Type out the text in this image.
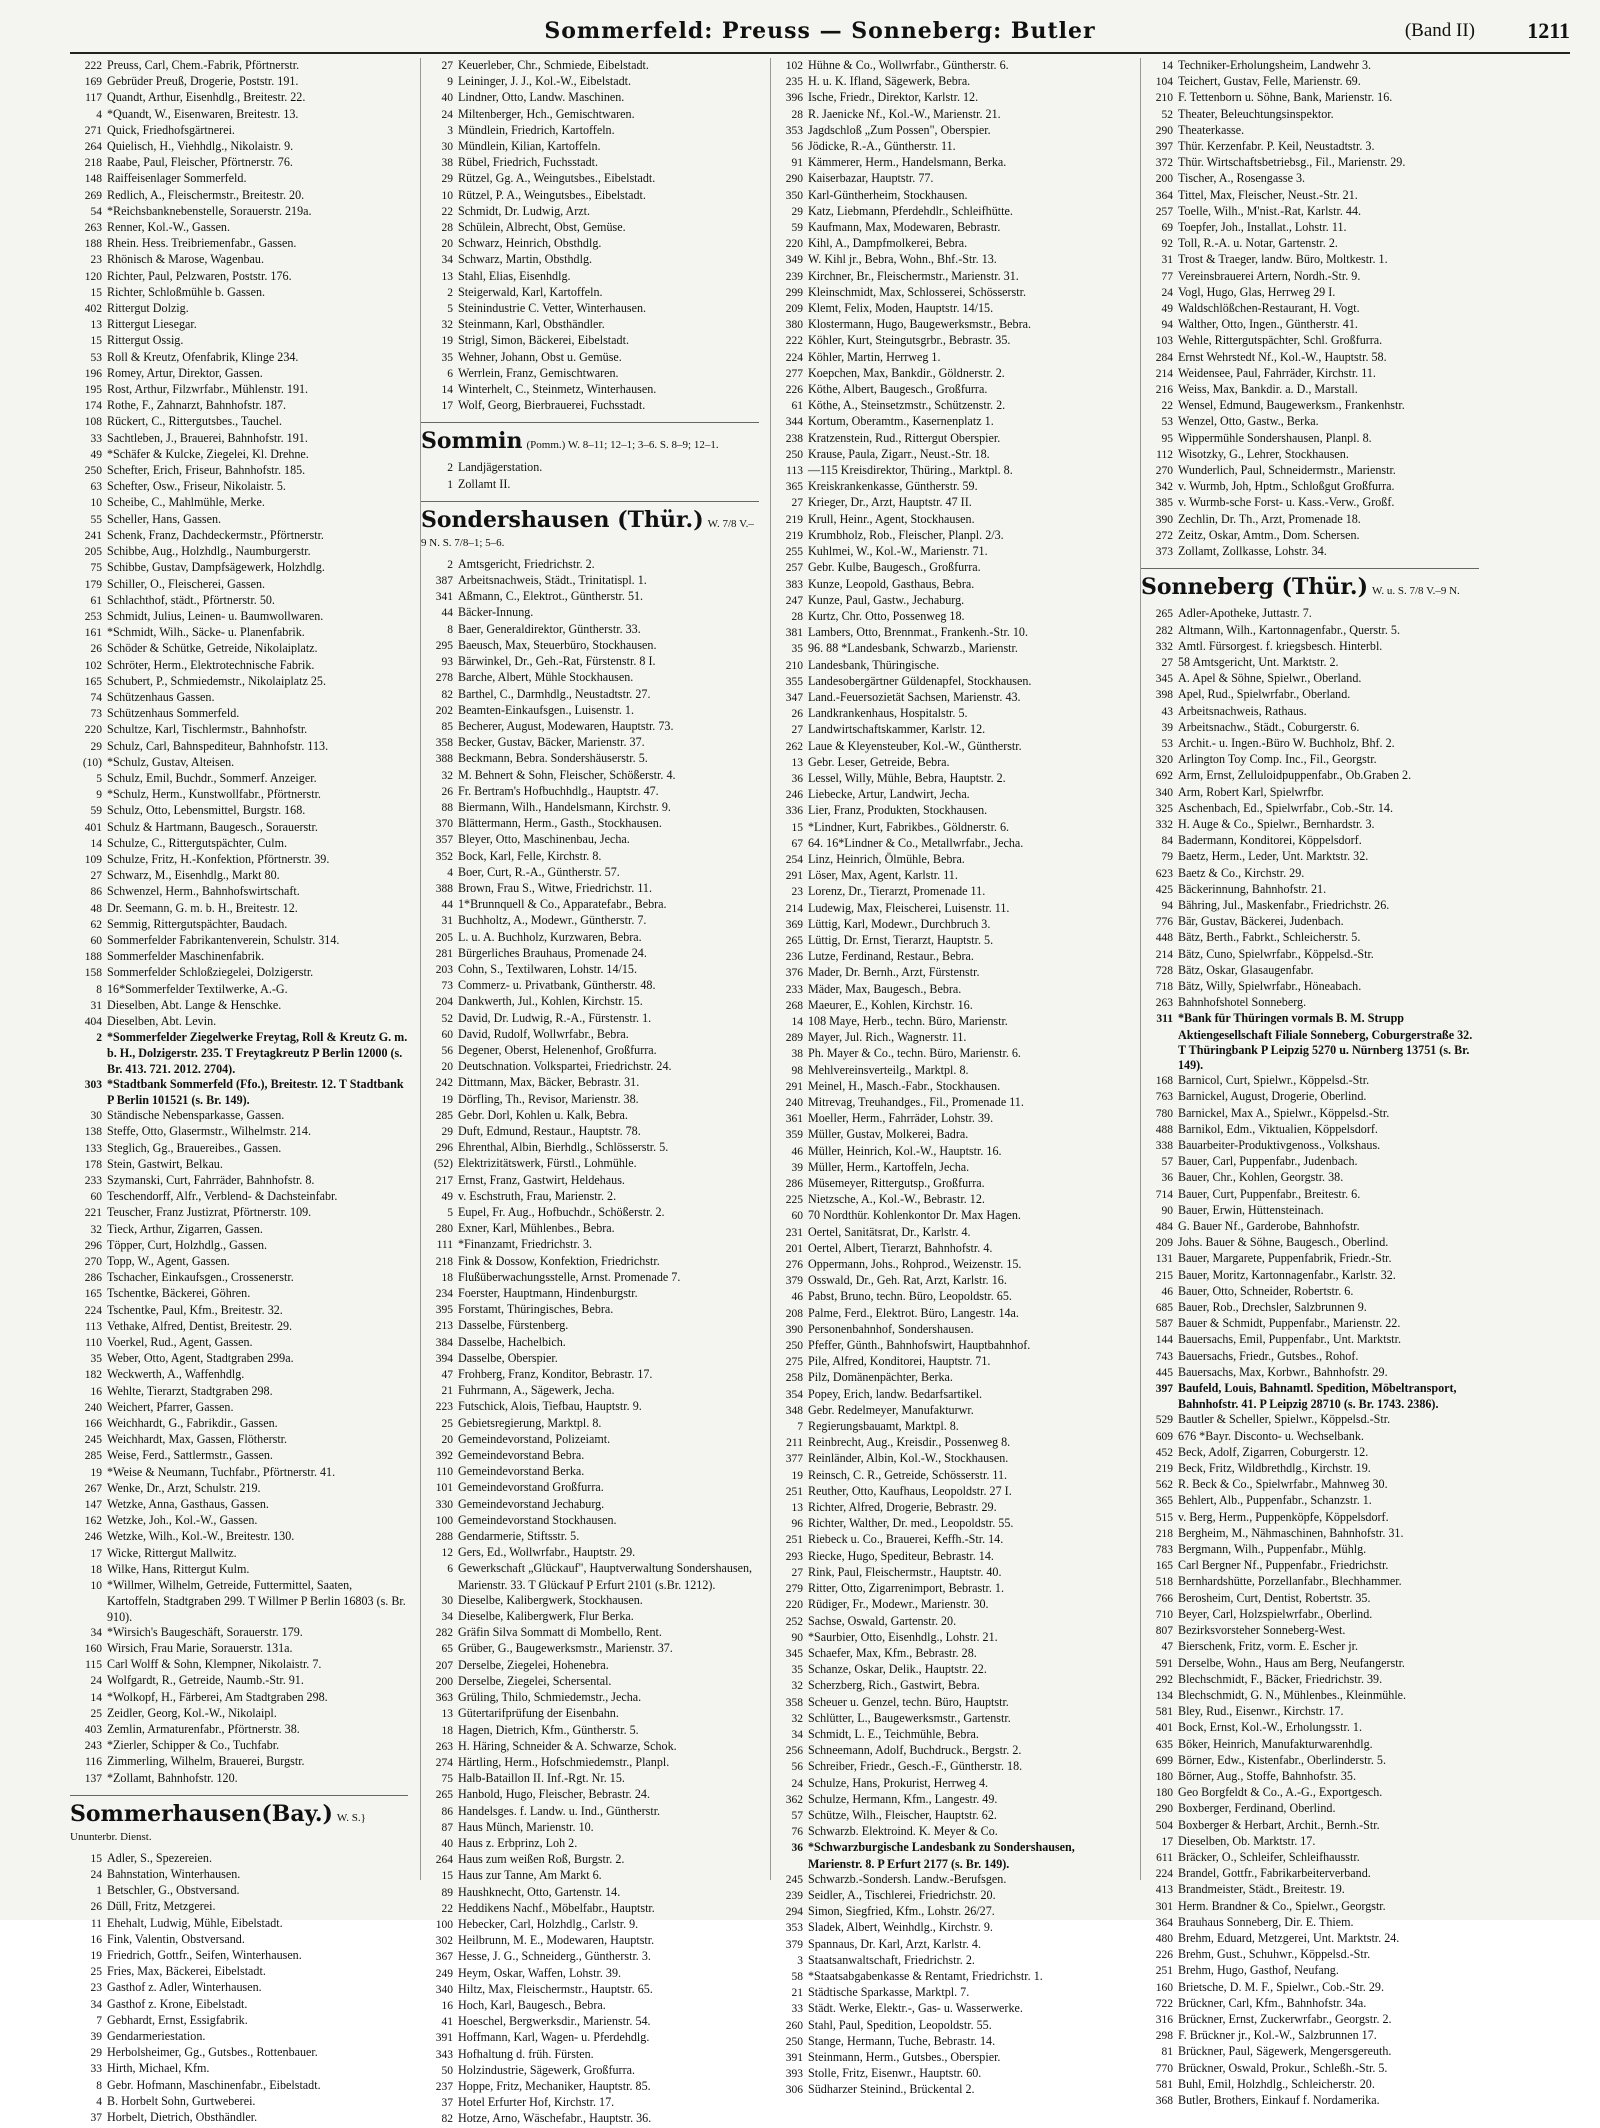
Sommerfeld: Preuss — Sonneberg: Butler	(Band II) 1211
222 Preuss, Carl, Chem.-Fabrik, Pförtnerstr.
169 Gebrüder Preuß, Drogerie, Poststr. 191.
117 Quandt, Arthur, Eisenhdlg., Breitestr. 22.
4 *Quandt, W., Eisenwaren, Breitestr. 13.
271 Quick, Friedhofsgärtnerei.
264 Quielisch, H., Viehhdlg., Nikolaistr. 9.
218 Raabe, Paul, Fleischer, Pförtnerstr. 76.
148 Raiffeisenlager Sommerfeld.
269 Redlich, A., Fleischermstr., Breitestr. 20.
54 *Reichsbanknebenstelle, Sorauerstr. 219a.
263 Renner, Kol.-W., Gassen.
188 Rhein. Hess. Treibriemenfabr., Gassen.
23 Rhönisch & Marose, Wagenbau.
120 Richter, Paul, Pelzwaren, Poststr. 176.
15 Richter, Schloßmühle b. Gassen.
402 Rittergut Dolzig.
13 Rittergut Liesegar.
15 Rittergut Ossig.
53 Roll & Kreutz, Ofenfabrik, Klinge 234.
196 Romey, Artur, Direktor, Gassen.
195 Rost, Arthur, Filzwrfabr., Mühlenstr. 191.
174 Rothe, F., Zahnarzt, Bahnhofstr. 187.
108 Rückert, C., Rittergutsbes., Tauchel.
33 Sachtleben, J., Brauerei, Bahnhofstr. 191.
49 *Schäfer & Kulcke, Ziegelei, Kl. Drehne.
250 Schefter, Erich, Friseur, Bahnhofstr. 185.
63 Schefter, Osw., Friseur, Nikolaistr. 5.
10 Scheibe, C., Mahlmühle, Merke.
55 Scheller, Hans, Gassen.
241 Schenk, Franz, Dachdeckermstr., Pförtnerstr.
205 Schibbe, Aug., Holzhdlg., Naumburgerstr.
75 Schibbe, Gustav, Dampfsägewerk, Holzhdlg.
179 Schiller, O., Fleischerei, Gassen.
61 Schlachthof, städt., Pförtnerstr. 50.
253 Schmidt, Julius, Leinen- u. Baumwollwaren.
161 *Schmidt, Wilh., Säcke- u. Planenfabrik.
26 Schöder & Schütke, Getreide, Nikolaiplatz.
102 Schröter, Herm., Elektrotechnische Fabrik.
165 Schubert, P., Schmiedemstr., Nikolaiplatz 25.
74 Schützenhaus Gassen.
73 Schützenhaus Sommerfeld.
220 Schultze, Karl, Tischlermstr., Bahnhofstr.
29 Schulz, Carl, Bahnspediteur, Bahnhofstr. 113.
(10) *Schulz, Gustav, Alteisen.
5 Schulz, Emil, Buchdr., Sommerf. Anzeiger.
9 *Schulz, Herm., Kunstwollfabr., Pförtnerstr.
59 Schulz, Otto, Lebensmittel, Burgstr. 168.
401 Schulz & Hartmann, Baugesch., Sorauerstr.
14 Schulze, C., Rittergutspächter, Culm.
109 Schulze, Fritz, H.-Konfektion, Pförtnerstr. 39.
27 Schwarz, M., Eisenhdlg., Markt 80.
86 Schwenzel, Herm., Bahnhofswirtschaft.
48 Dr. Seemann, G. m. b. H., Breitestr. 12.
62 Semmig, Rittergutspächter, Baudach.
60 Sommerfelder Fabrikantenverein, Schulstr. 314.
188 Sommerfelder Maschinenfabrik.
158 Sommerfelder Schloßziegelei, Dolzigerstr.
8 16*Sommerfelder Textilwerke, A.-G.
31 Dieselben, Abt. Lange & Henschke.
404 Dieselben, Abt. Levin.
2 *Sommerfelder Ziegelwerke Freytag, Roll & Kreutz G. m. b. H., Dolzigerstr. 235. T Freytagkreutz P Berlin 12000 (s. Br. 413. 721. 2012. 2704).
303 *Stadtbank Sommerfeld (Ffo.), Breitestr. 12. T Stadtbank P Berlin 101521 (s. Br. 149).
30 Ständische Nebensparkasse, Gassen.
138 Steffe, Otto, Glasermstr., Wilhelmstr. 214.
133 Steglich, Gg., Brauereibes., Gassen.
178 Stein, Gastwirt, Belkau.
233 Szymanski, Curt, Fahrräder, Bahnhofstr. 8.
60 Teschendorff, Alfr., Verblend- & Dachsteinfabr.
221 Teuscher, Franz Justizrat, Pförtnerstr. 109.
32 Tieck, Arthur, Zigarren, Gassen.
296 Töpper, Curt, Holzhdlg., Gassen.
270 Topp, W., Agent, Gassen.
286 Tschacher, Einkaufsgen., Crossenerstr.
165 Tschentke, Bäckerei, Göhren.
224 Tschentke, Paul, Kfm., Breitestr. 32.
113 Vethake, Alfred, Dentist, Breitestr. 29.
110 Voerkel, Rud., Agent, Gassen.
35 Weber, Otto, Agent, Stadtgraben 299a.
182 Weckwerth, A., Waffenhdlg.
16 Wehlte, Tierarzt, Stadtgraben 298.
240 Weichert, Pfarrer, Gassen.
166 Weichhardt, G., Fabrikdir., Gassen.
245 Weichhardt, Max, Gassen, Flötherstr.
285 Weise, Ferd., Sattlermstr., Gassen.
19 *Weise & Neumann, Tuchfabr., Pförtnerstr. 41.
267 Wenke, Dr., Arzt, Schulstr. 219.
147 Wetzke, Anna, Gasthaus, Gassen.
162 Wetzke, Joh., Kol.-W., Gassen.
246 Wetzke, Wilh., Kol.-W., Breitestr. 130.
17 Wicke, Rittergut Mallwitz.
18 Wilke, Hans, Rittergut Kulm.
10 *Willmer, Wilhelm, Getreide, Futtermittel, Saaten, Kartoffeln, Stadtgraben 299. T Willmer P Berlin 16803 (s. Br. 910).
34 *Wirsich's Baugeschäft, Sorauerstr. 179.
160 Wirsich, Frau Marie, Sorauerstr. 131a.
115 Carl Wolff & Sohn, Klempner, Nikolaistr. 7.
24 Wolfgardt, R., Getreide, Naumb.-Str. 91.
14 *Wolkopf, H., Färberei, Am Stadtgraben 298.
25 Zeidler, Georg, Kol.-W., Nikolaipl.
403 Zemlin, Armaturenfabr., Pförtnerstr. 38.
243 *Zierler, Schipper & Co., Tuchfabr.
116 Zimmerling, Wilhelm, Brauerei, Burgstr.
137 *Zollamt, Bahnhofstr. 120.
Sommerhausen(Bay.) W. S.} Ununterbr. Dienst.
15 Adler, S., Spezereien.
24 Bahnstation, Winterhausen.
1 Betschler, G., Obstversand.
26 Düll, Fritz, Metzgerei.
11 Ehehalt, Ludwig, Mühle, Eibelstadt.
16 Fink, Valentin, Obstversand.
19 Friedrich, Gottfr., Seifen, Winterhausen.
25 Fries, Max, Bäckerei, Eibelstadt.
23 Gasthof z. Adler, Winterhausen.
34 Gasthof z. Krone, Eibelstadt.
7 Gebhardt, Ernst, Essigfabrik.
39 Gendarmeriestation.
29 Herbolsheimer, Gg., Gutsbes., Rottenbauer.
33 Hirth, Michael, Kfm.
8 Gebr. Hofmann, Maschinenfabr., Eibelstadt.
4 B. Horbelt Sohn, Gurtweberei.
37 Horbelt, Dietrich, Obsthändler.
27 Keuerleber, Chr., Schmiede, Eibelstadt.
9 Leininger, J. J., Kol.-W., Eibelstadt.
40 Lindner, Otto, Landw. Maschinen.
24 Miltenberger, Hch., Gemischtwaren.
3 Mündlein, Friedrich, Kartoffeln.
30 Mündlein, Kilian, Kartoffeln.
38 Rübel, Friedrich, Fuchsstadt.
29 Rützel, Gg. A., Weingutsbes., Eibelstadt.
10 Rützel, P. A., Weingutsbes., Eibelstadt.
22 Schmidt, Dr. Ludwig, Arzt.
28 Schülein, Albrecht, Obst, Gemüse.
20 Schwarz, Heinrich, Obsthdlg.
34 Schwarz, Martin, Obsthdlg.
13 Stahl, Elias, Eisenhdlg.
2 Steigerwald, Karl, Kartoffeln.
5 Steinindustrie C. Vetter, Winterhausen.
32 Steinmann, Karl, Obsthändler.
19 Strigl, Simon, Bäckerei, Eibelstadt.
35 Wehner, Johann, Obst u. Gemüse.
6 Werrlein, Franz, Gemischtwaren.
14 Winterhelt, C., Steinmetz, Winterhausen.
17 Wolf, Georg, Bierbrauerei, Fuchsstadt.
Sommin (Pomm.) W. 8–11; 12–1; 3–6. S. 8–9; 12–1.
2 Landjägerstation.
1 Zollamt II.
Sondershausen (Thür.) W. 7/8 V.–9 N. S. 7/8–1; 5–6.
2 Amtsgericht, Friedrichstr. 2.
387 Arbeitsnachweis, Städt., Trinitatispl. 1.
341 Aßmann, C., Elektrot., Güntherstr. 51.
44 Bäcker-Innung.
8 Baer, Generaldirektor, Güntherstr. 33.
295 Baeusch, Max, Steuerbüro, Stockhausen.
93 Bärwinkel, Dr., Geh.-Rat, Fürstenstr. 8 I.
278 Barche, Albert, Mühle Stockhausen.
82 Barthel, C., Darmhdlg., Neustadtstr. 27.
202 Beamten-Einkaufsgen., Luisenstr. 1.
85 Becherer, August, Modewaren, Hauptstr. 73.
358 Becker, Gustav, Bäcker, Marienstr. 37.
388 Beckmann, Bebra. Sondershäuserstr. 5.
32 M. Behnert & Sohn, Fleischer, Schößerstr. 4.
26 Fr. Bertram's Hofbuchhdlg., Hauptstr. 47.
88 Biermann, Wilh., Handelsmann, Kirchstr. 9.
370 Blättermann, Herm., Gasth., Stockhausen.
357 Bleyer, Otto, Maschinenbau, Jecha.
352 Bock, Karl, Felle, Kirchstr. 8.
4 Boer, Curt, R.-A., Güntherstr. 57.
388 Brown, Frau S., Witwe, Friedrichstr. 11.
44 1*Brunnquell & Co., Apparatefabr., Bebra.
31 Buchholtz, A., Modewr., Güntherstr. 7.
205 L. u. A. Buchholz, Kurzwaren, Bebra.
281 Bürgerliches Brauhaus, Promenade 24.
203 Cohn, S., Textilwaren, Lohstr. 14/15.
73 Commerz- u. Privatbank, Güntherstr. 48.
204 Dankwerth, Jul., Kohlen, Kirchstr. 15.
52 David, Dr. Ludwig, R.-A., Fürstenstr. 1.
60 David, Rudolf, Wollwrfabr., Bebra.
56 Degener, Oberst, Helenenhof, Großfurra.
20 Deutschnation. Volkspartei, Friedrichstr. 24.
242 Dittmann, Max, Bäcker, Bebrastr. 31.
19 Dörfling, Th., Revisor, Marienstr. 38.
285 Gebr. Dorl, Kohlen u. Kalk, Bebra.
29 Duft, Edmund, Restaur., Hauptstr. 78.
296 Ehrenthal, Albin, Bierhdlg., Schlösserstr. 5.
(52) Elektrizitätswerk, Fürstl., Lohmühle.
217 Ernst, Franz, Gastwirt, Heldehaus.
49 v. Eschstruth, Frau, Marienstr. 2.
5 Eupel, Fr. Aug., Hofbuchdr., Schößerstr. 2.
280 Exner, Karl, Mühlenbes., Bebra.
111 *Finanzamt, Friedrichstr. 3.
218 Fink & Dossow, Konfektion, Friedrichstr.
18 Flußüberwachungsstelle, Arnst. Promenade 7.
234 Foerster, Hauptmann, Hindenburgstr.
395 Forstamt, Thüringisches, Bebra.
213 Dasselbe, Fürstenberg.
384 Dasselbe, Hachelbich.
394 Dasselbe, Oberspier.
47 Frohberg, Franz, Konditor, Bebrastr. 17.
21 Fuhrmann, A., Sägewerk, Jecha.
223 Futschick, Alois, Tiefbau, Hauptstr. 9.
25 Gebietsregierung, Marktpl. 8.
20 Gemeindevorstand, Polizeiamt.
392 Gemeindevorstand Bebra.
110 Gemeindevorstand Berka.
101 Gemeindevorstand Großfurra.
330 Gemeindevorstand Jechaburg.
100 Gemeindevorstand Stockhausen.
288 Gendarmerie, Stiftsstr. 5.
12 Gers, Ed., Wollwrfabr., Hauptstr. 29.
6 Gewerkschaft „Glückauf", Hauptverwaltung Sondershausen, Marienstr. 33. T Glückauf P Erfurt 2101 (s.Br. 1212).
30 Dieselbe, Kalibergwerk, Stockhausen.
34 Dieselbe, Kalibergwerk, Flur Berka.
282 Gräfin Silva Sommatt di Mombello, Rent.
65 Grüber, G., Baugewerksmstr., Marienstr. 37.
207 Derselbe, Ziegelei, Hohenebra.
200 Derselbe, Ziegelei, Schersental.
363 Grüling, Thilo, Schmiedemstr., Jecha.
13 Gütertarifprüfung der Eisenbahn.
18 Hagen, Dietrich, Kfm., Güntherstr. 5.
263 H. Häring, Schneider & A. Schwarze, Schok.
274 Härtling, Herm., Hofschmiedemstr., Planpl.
75 Halb-Bataillon II. Inf.-Rgt. Nr. 15.
265 Hanbold, Hugo, Fleischer, Bebrastr. 24.
86 Handelsges. f. Landw. u. Ind., Güntherstr.
87 Haus Münch, Marienstr. 10.
40 Haus z. Erbprinz, Loh 2.
264 Haus zum weißen Roß, Burgstr. 2.
15 Haus zur Tanne, Am Markt 6.
89 Haushknecht, Otto, Gartenstr. 14.
22 Heddikens Nachf., Möbelfabr., Hauptstr.
100 Hebecker, Carl, Holzhdlg., Carlstr. 9.
302 Heilbrunn, M. E., Modewaren, Hauptstr.
367 Hesse, J. G., Schneiderg., Güntherstr. 3.
249 Heym, Oskar, Waffen, Lohstr. 39.
340 Hiltz, Max, Fleischermstr., Hauptstr. 65.
16 Hoch, Karl, Baugesch., Bebra.
41 Hoeschel, Bergwerksdir., Marienstr. 54.
391 Hoffmann, Karl, Wagen- u. Pferdehdlg.
343 Hofhaltung d. früh. Fürsten.
50 Holzindustrie, Sägewerk, Großfurra.
237 Hoppe, Fritz, Mechaniker, Hauptstr. 85.
37 Hotel Erfurter Hof, Kirchstr. 17.
82 Hotze, Arno, Wäschefabr., Hauptstr. 36.
102 Hühne & Co., Wollwrfabr., Güntherstr. 6.
235 H. u. K. Ifland, Sägewerk, Bebra.
396 Ische, Friedr., Direktor, Karlstr. 12.
28 R. Jaenicke Nf., Kol.-W., Marienstr. 21.
353 Jagdschloß „Zum Possen", Oberspier.
56 Jödicke, R.-A., Güntherstr. 11.
91 Kämmerer, Herm., Handelsmann, Berka.
290 Kaiserbazar, Hauptstr. 77.
350 Karl-Güntherheim, Stockhausen.
29 Katz, Liebmann, Pferdehdlr., Schleifhütte.
59 Kaufmann, Max, Modewaren, Bebrastr.
220 Kihl, A., Dampfmolkerei, Bebra.
349 W. Kihl jr., Bebra, Wohn., Bhf.-Str. 13.
239 Kirchner, Br., Fleischermstr., Marienstr. 31.
299 Kleinschmidt, Max, Schlosserei, Schösserstr.
209 Klemt, Felix, Moden, Hauptstr. 14/15.
380 Klostermann, Hugo, Baugewerksmstr., Bebra.
222 Köhler, Kurt, Steingutsgrbr., Bebrastr. 35.
224 Köhler, Martin, Herrweg 1.
277 Koepchen, Max, Bankdir., Göldnerstr. 2.
226 Köthe, Albert, Baugesch., Großfurra.
61 Köthe, A., Steinsetzmstr., Schützenstr. 2.
344 Kortum, Oberamtm., Kasernenplatz 1.
238 Kratzenstein, Rud., Rittergut Oberspier.
250 Krause, Paula, Zigarr., Neust.-Str. 18.
113 —115 Kreisdirektor, Thüring., Marktpl. 8.
365 Kreiskrankenkasse, Güntherstr. 59.
27 Krieger, Dr., Arzt, Hauptstr. 47 II.
219 Krull, Heinr., Agent, Stockhausen.
219 Krumbholz, Rob., Fleischer, Planpl. 2/3.
255 Kuhlmei, W., Kol.-W., Marienstr. 71.
257 Gebr. Kulbe, Baugesch., Großfurra.
383 Kunze, Leopold, Gasthaus, Bebra.
247 Kunze, Paul, Gastw., Jechaburg.
28 Kurtz, Chr. Otto, Possenweg 18.
381 Lambers, Otto, Brennmat., Frankenh.-Str. 10.
35 96. 88 *Landesbank, Schwarzb., Marienstr.
210 Landesbank, Thüringische.
355 Landesobergärtner Güldenapfel, Stockhausen.
347 Land.-Feuersozietät Sachsen, Marienstr. 43.
26 Landkrankenhaus, Hospitalstr. 5.
27 Landwirtschaftskammer, Karlstr. 12.
262 Laue & Kleyensteuber, Kol.-W., Güntherstr.
13 Gebr. Leser, Getreide, Bebra.
36 Lessel, Willy, Mühle, Bebra, Hauptstr. 2.
246 Liebecke, Artur, Landwirt, Jecha.
336 Lier, Franz, Produkten, Stockhausen.
15 *Lindner, Kurt, Fabrikbes., Göldnerstr. 6.
67 64. 16*Lindner & Co., Metallwrfabr., Jecha.
254 Linz, Heinrich, Ölmühle, Bebra.
291 Löser, Max, Agent, Karlstr. 11.
23 Lorenz, Dr., Tierarzt, Promenade 11.
214 Ludewig, Max, Fleischerei, Luisenstr. 11.
369 Lüttig, Karl, Modewr., Durchbruch 3.
265 Lüttig, Dr. Ernst, Tierarzt, Hauptstr. 5.
236 Lutze, Ferdinand, Restaur., Bebra.
376 Mader, Dr. Bernh., Arzt, Fürstenstr.
233 Mäder, Max, Baugesch., Bebra.
268 Maeurer, E., Kohlen, Kirchstr. 16.
14 108 Maye, Herb., techn. Büro, Marienstr.
289 Mayer, Jul. Rich., Wagnerstr. 11.
38 Ph. Mayer & Co., techn. Büro, Marienstr. 6.
98 Mehlvereinsverteilg., Marktpl. 8.
291 Meinel, H., Masch.-Fabr., Stockhausen.
240 Mitrevag, Treuhandges., Fil., Promenade 11.
361 Moeller, Herm., Fahrräder, Lohstr. 39.
359 Müller, Gustav, Molkerei, Badra.
46 Müller, Heinrich, Kol.-W., Hauptstr. 16.
39 Müller, Herm., Kartoffeln, Jecha.
286 Müsemeyer, Rittergutsp., Großfurra.
225 Nietzsche, A., Kol.-W., Bebrastr. 12.
60 70 Nordthür. Kohlenkontor Dr. Max Hagen.
231 Oertel, Sanitätsrat, Dr., Karlstr. 4.
201 Oertel, Albert, Tierarzt, Bahnhofstr. 4.
276 Oppermann, Johs., Rohprod., Weizenstr. 15.
379 Osswald, Dr., Geh. Rat, Arzt, Karlstr. 16.
46 Pabst, Bruno, techn. Büro, Leopoldstr. 65.
208 Palme, Ferd., Elektrot. Büro, Langestr. 14a.
390 Personenbahnhof, Sondershausen.
250 Pfeffer, Günth., Bahnhofswirt, Hauptbahnhof.
275 Pile, Alfred, Konditorei, Hauptstr. 71.
258 Pilz, Domänenpächter, Berka.
354 Popey, Erich, landw. Bedarfsartikel.
348 Gebr. Redelmeyer, Manufakturwr.
7 Regierungsbauamt, Marktpl. 8.
211 Reinbrecht, Aug., Kreisdir., Possenweg 8.
377 Reinländer, Albin, Kol.-W., Stockhausen.
19 Reinsch, C. R., Getreide, Schösserstr. 11.
251 Reuther, Otto, Kaufhaus, Leopoldstr. 27 I.
13 Richter, Alfred, Drogerie, Bebrastr. 29.
96 Richter, Walther, Dr. med., Leopoldstr. 55.
251 Riebeck u. Co., Brauerei, Keffh.-Str. 14.
293 Riecke, Hugo, Spediteur, Bebrastr. 14.
27 Rink, Paul, Fleischermstr., Hauptstr. 40.
279 Ritter, Otto, Zigarrenimport, Bebrastr. 1.
220 Rüdiger, Fr., Modewr., Marienstr. 30.
252 Sachse, Oswald, Gartenstr. 20.
90 *Saurbier, Otto, Eisenhdlg., Lohstr. 21.
345 Schaefer, Max, Kfm., Bebrastr. 28.
35 Schanze, Oskar, Delik., Hauptstr. 22.
32 Scherzberg, Rich., Gastwirt, Bebra.
358 Scheuer u. Genzel, techn. Büro, Hauptstr.
32 Schlütter, L., Baugewerksmstr., Gartenstr.
34 Schmidt, L. E., Teichmühle, Bebra.
256 Schneemann, Adolf, Buchdruck., Bergstr. 2.
56 Schreiber, Friedr., Gesch.-F., Güntherstr. 18.
24 Schulze, Hans, Prokurist, Herrweg 4.
362 Schulze, Hermann, Kfm., Langestr. 49.
57 Schütze, Wilh., Fleischer, Hauptstr. 62.
76 Schwarzb. Elektroind. K. Meyer & Co.
36 *Schwarzburgische Landesbank zu Sondershausen, Marienstr. 8. P Erfurt 2177 (s. Br. 149).
245 Schwarzb.-Sondersh. Landw.-Berufsgen.
239 Seidler, A., Tischlerei, Friedrichstr. 20.
294 Simon, Siegfried, Kfm., Lohstr. 26/27.
353 Sladek, Albert, Weinhdlg., Kirchstr. 9.
379 Spannaus, Dr. Karl, Arzt, Karlstr. 4.
3 Staatsanwaltschaft, Friedrichstr. 2.
58 *Staatsabgabenkasse & Rentamt, Friedrichstr. 1.
21 Städtische Sparkasse, Marktpl. 7.
33 Städt. Werke, Elektr.-, Gas- u. Wasserwerke.
260 Stahl, Paul, Spedition, Leopoldstr. 55.
250 Stange, Hermann, Tuche, Bebrastr. 14.
391 Steinmann, Herm., Gutsbes., Oberspier.
393 Stolle, Fritz, Eisenwr., Hauptstr. 60.
306 Südharzer Steinind., Brückental 2.
14 Techniker-Erholungsheim, Landwehr 3.
104 Teichert, Gustav, Felle, Marienstr. 69.
210 F. Tettenborn u. Söhne, Bank, Marienstr. 16.
52 Theater, Beleuchtungsinspektor.
290 Theaterkasse.
397 Thür. Kerzenfabr. P. Keil, Neustadtstr. 3.
372 Thür. Wirtschaftsbetriebsg., Fil., Marienstr. 29.
200 Tischer, A., Rosengasse 3.
364 Tittel, Max, Fleischer, Neust.-Str. 21.
257 Toelle, Wilh., M'nist.-Rat, Karlstr. 44.
69 Toepfer, Joh., Installat., Lohstr. 11.
92 Toll, R.-A. u. Notar, Gartenstr. 2.
31 Trost & Traeger, landw. Büro, Moltkestr. 1.
77 Vereinsbrauerei Artern, Nordh.-Str. 9.
24 Vogl, Hugo, Glas, Herrweg 29 I.
49 Waldschlößchen-Restaurant, H. Vogt.
94 Walther, Otto, Ingen., Güntherstr. 41.
103 Wehle, Rittergutspächter, Schl. Großfurra.
284 Ernst Wehrstedt Nf., Kol.-W., Hauptstr. 58.
214 Weidensee, Paul, Fahrräder, Kirchstr. 11.
216 Weiss, Max, Bankdir. a. D., Marstall.
22 Wensel, Edmund, Baugewerksm., Frankenhstr.
53 Wenzel, Otto, Gastw., Berka.
95 Wippermühle Sondershausen, Planpl. 8.
112 Wisotzky, G., Lehrer, Stockhausen.
270 Wunderlich, Paul, Schneidermstr., Marienstr.
342 v. Wurmb, Joh, Hptm., Schloßgut Großfurra.
385 v. Wurmb-sche Forst- u. Kass.-Verw., Großf.
390 Zechlin, Dr. Th., Arzt, Promenade 18.
272 Zeitz, Oskar, Amtm., Dom. Schersen.
373 Zollamt, Zollkasse, Lohstr. 34.
Sonneberg (Thür.) W. u. S. 7/8 V.–9 N.
265 Adler-Apotheke, Juttastr. 7.
282 Altmann, Wilh., Kartonnagenfabr., Querstr. 5.
332 Amtl. Fürsorgest. f. kriegsbesch. Hinterbl.
27 58 Amtsgericht, Unt. Marktstr. 2.
345 A. Apel & Söhne, Spielwr., Oberland.
398 Apel, Rud., Spielwrfabr., Oberland.
43 Arbeitsnachweis, Rathaus.
39 Arbeitsnachw., Städt., Coburgerstr. 6.
53 Archit.- u. Ingen.-Büro W. Buchholz, Bhf. 2.
320 Arlington Toy Comp. Inc., Fil., Georgstr.
692 Arm, Ernst, Zelluloidpuppenfabr., Ob.Graben 2.
340 Arm, Robert Karl, Spielwrfbr.
325 Aschenbach, Ed., Spielwrfabr., Cob.-Str. 14.
332 H. Auge & Co., Spielwr., Bernhardstr. 3.
84 Badermann, Konditorei, Köppelsdorf.
79 Baetz, Herm., Leder, Unt. Marktstr. 32.
623 Baetz & Co., Kirchstr. 29.
425 Bäckerinnung, Bahnhofstr. 21.
94 Bähring, Jul., Maskenfabr., Friedrichstr. 26.
776 Bär, Gustav, Bäckerei, Judenbach.
448 Bätz, Berth., Fabrkt., Schleicherstr. 5.
214 Bätz, Cuno, Spielwrfabr., Köppelsd.-Str.
728 Bätz, Oskar, Glasaugenfabr.
718 Bätz, Willy, Spielwrfabr., Höneabach.
263 Bahnhofshotel Sonneberg.
311 *Bank für Thüringen vormals B. M. Strupp Aktiengesellschaft Filiale Sonneberg, Coburgerstraße 32. T Thüringbank P Leipzig 5270 u. Nürnberg 13751 (s. Br. 149).
168 Barnicol, Curt, Spielwr., Köppelsd.-Str.
763 Barnickel, August, Drogerie, Oberlind.
780 Barnickel, Max A., Spielwr., Köppelsd.-Str.
488 Barnikol, Edm., Viktualien, Köppelsdorf.
338 Bauarbeiter-Produktivgenoss., Volkshaus.
57 Bauer, Carl, Puppenfabr., Judenbach.
36 Bauer, Chr., Kohlen, Georgstr. 38.
714 Bauer, Curt, Puppenfabr., Breitestr. 6.
90 Bauer, Erwin, Hüttensteinach.
484 G. Bauer Nf., Garderobe, Bahnhofstr.
209 Johs. Bauer & Söhne, Baugesch., Oberlind.
131 Bauer, Margarete, Puppenfabrik, Friedr.-Str.
215 Bauer, Moritz, Kartonnagenfabr., Karlstr. 32.
46 Bauer, Otto, Schneider, Robertstr. 6.
685 Bauer, Rob., Drechsler, Salzbrunnen 9.
587 Bauer & Schmidt, Puppenfabr., Marienstr. 22.
144 Bauersachs, Emil, Puppenfabr., Unt. Marktstr.
743 Bauersachs, Friedr., Gutsbes., Rohof.
445 Bauersachs, Max, Korbwr., Bahnhofstr. 29.
397 Baufeld, Louis, Bahnamtl. Spedition, Möbeltransport, Bahnhofstr. 41. P Leipzig 28710 (s. Br. 1743. 2386).
529 Bautler & Scheller, Spielwr., Köppelsd.-Str.
609 676 *Bayr. Disconto- u. Wechselbank.
452 Beck, Adolf, Zigarren, Coburgerstr. 12.
219 Beck, Fritz, Wildbrethdlg., Kirchstr. 19.
562 R. Beck & Co., Spielwrfabr., Mahnweg 30.
365 Behlert, Alb., Puppenfabr., Schanzstr. 1.
515 v. Berg, Herm., Puppenköpfe, Köppelsdorf.
218 Bergheim, M., Nähmaschinen, Bahnhofstr. 31.
783 Bergmann, Wilh., Puppenfabr., Mühlg.
165 Carl Bergner Nf., Puppenfabr., Friedrichstr.
518 Bernhardshütte, Porzellanfabr., Blechhammer.
766 Berosheim, Curt, Dentist, Robertstr. 35.
710 Beyer, Carl, Holzspielwrfabr., Oberlind.
807 Bezirksvorsteher Sonneberg-West.
47 Bierschenk, Fritz, vorm. E. Escher jr.
591 Derselbe, Wohn., Haus am Berg, Neufangerstr.
292 Blechschmidt, F., Bäcker, Friedrichstr. 39.
134 Blechschmidt, G. N., Mühlenbes., Kleinmühle.
581 Bley, Rud., Eisenwr., Kirchstr. 17.
401 Bock, Ernst, Kol.-W., Erholungsstr. 1.
635 Böker, Heinrich, Manufakturwarenhdlg.
699 Börner, Edw., Kistenfabr., Oberlinderstr. 5.
180 Börner, Aug., Stoffe, Bahnhofstr. 35.
180 Geo Borgfeldt & Co., A.-G., Exportgesch.
290 Boxberger, Ferdinand, Oberlind.
504 Boxberger & Herbart, Archit., Bernh.-Str.
17 Dieselben, Ob. Marktstr. 17.
611 Bräcker, O., Schleifer, Schleifhausstr.
224 Brandel, Gottfr., Fabrikarbeiterverband.
413 Brandmeister, Städt., Breitestr. 19.
301 Herm. Brandner & Co., Spielwr., Georgstr.
364 Brauhaus Sonneberg, Dir. E. Thiem.
480 Brehm, Eduard, Metzgerei, Unt. Marktstr. 24.
226 Brehm, Gust., Schuhwr., Köppelsd.-Str.
251 Brehm, Hugo, Gasthof, Neufang.
160 Brietsche, D. M. F., Spielwr., Cob.-Str. 29.
722 Brückner, Carl, Kfm., Bahnhofstr. 34a.
316 Brückner, Ernst, Zuckerwrfabr., Georgstr. 2.
298 F. Brückner jr., Kol.-W., Salzbrunnen 17.
81 Brückner, Paul, Sägewerk, Mengersgereuth.
770 Brückner, Oswald, Prokur., Schleßh.-Str. 5.
581 Buhl, Emil, Holzhdlg., Schleicherstr. 20.
368 Butler, Brothers, Einkauf f. Nordamerika.
